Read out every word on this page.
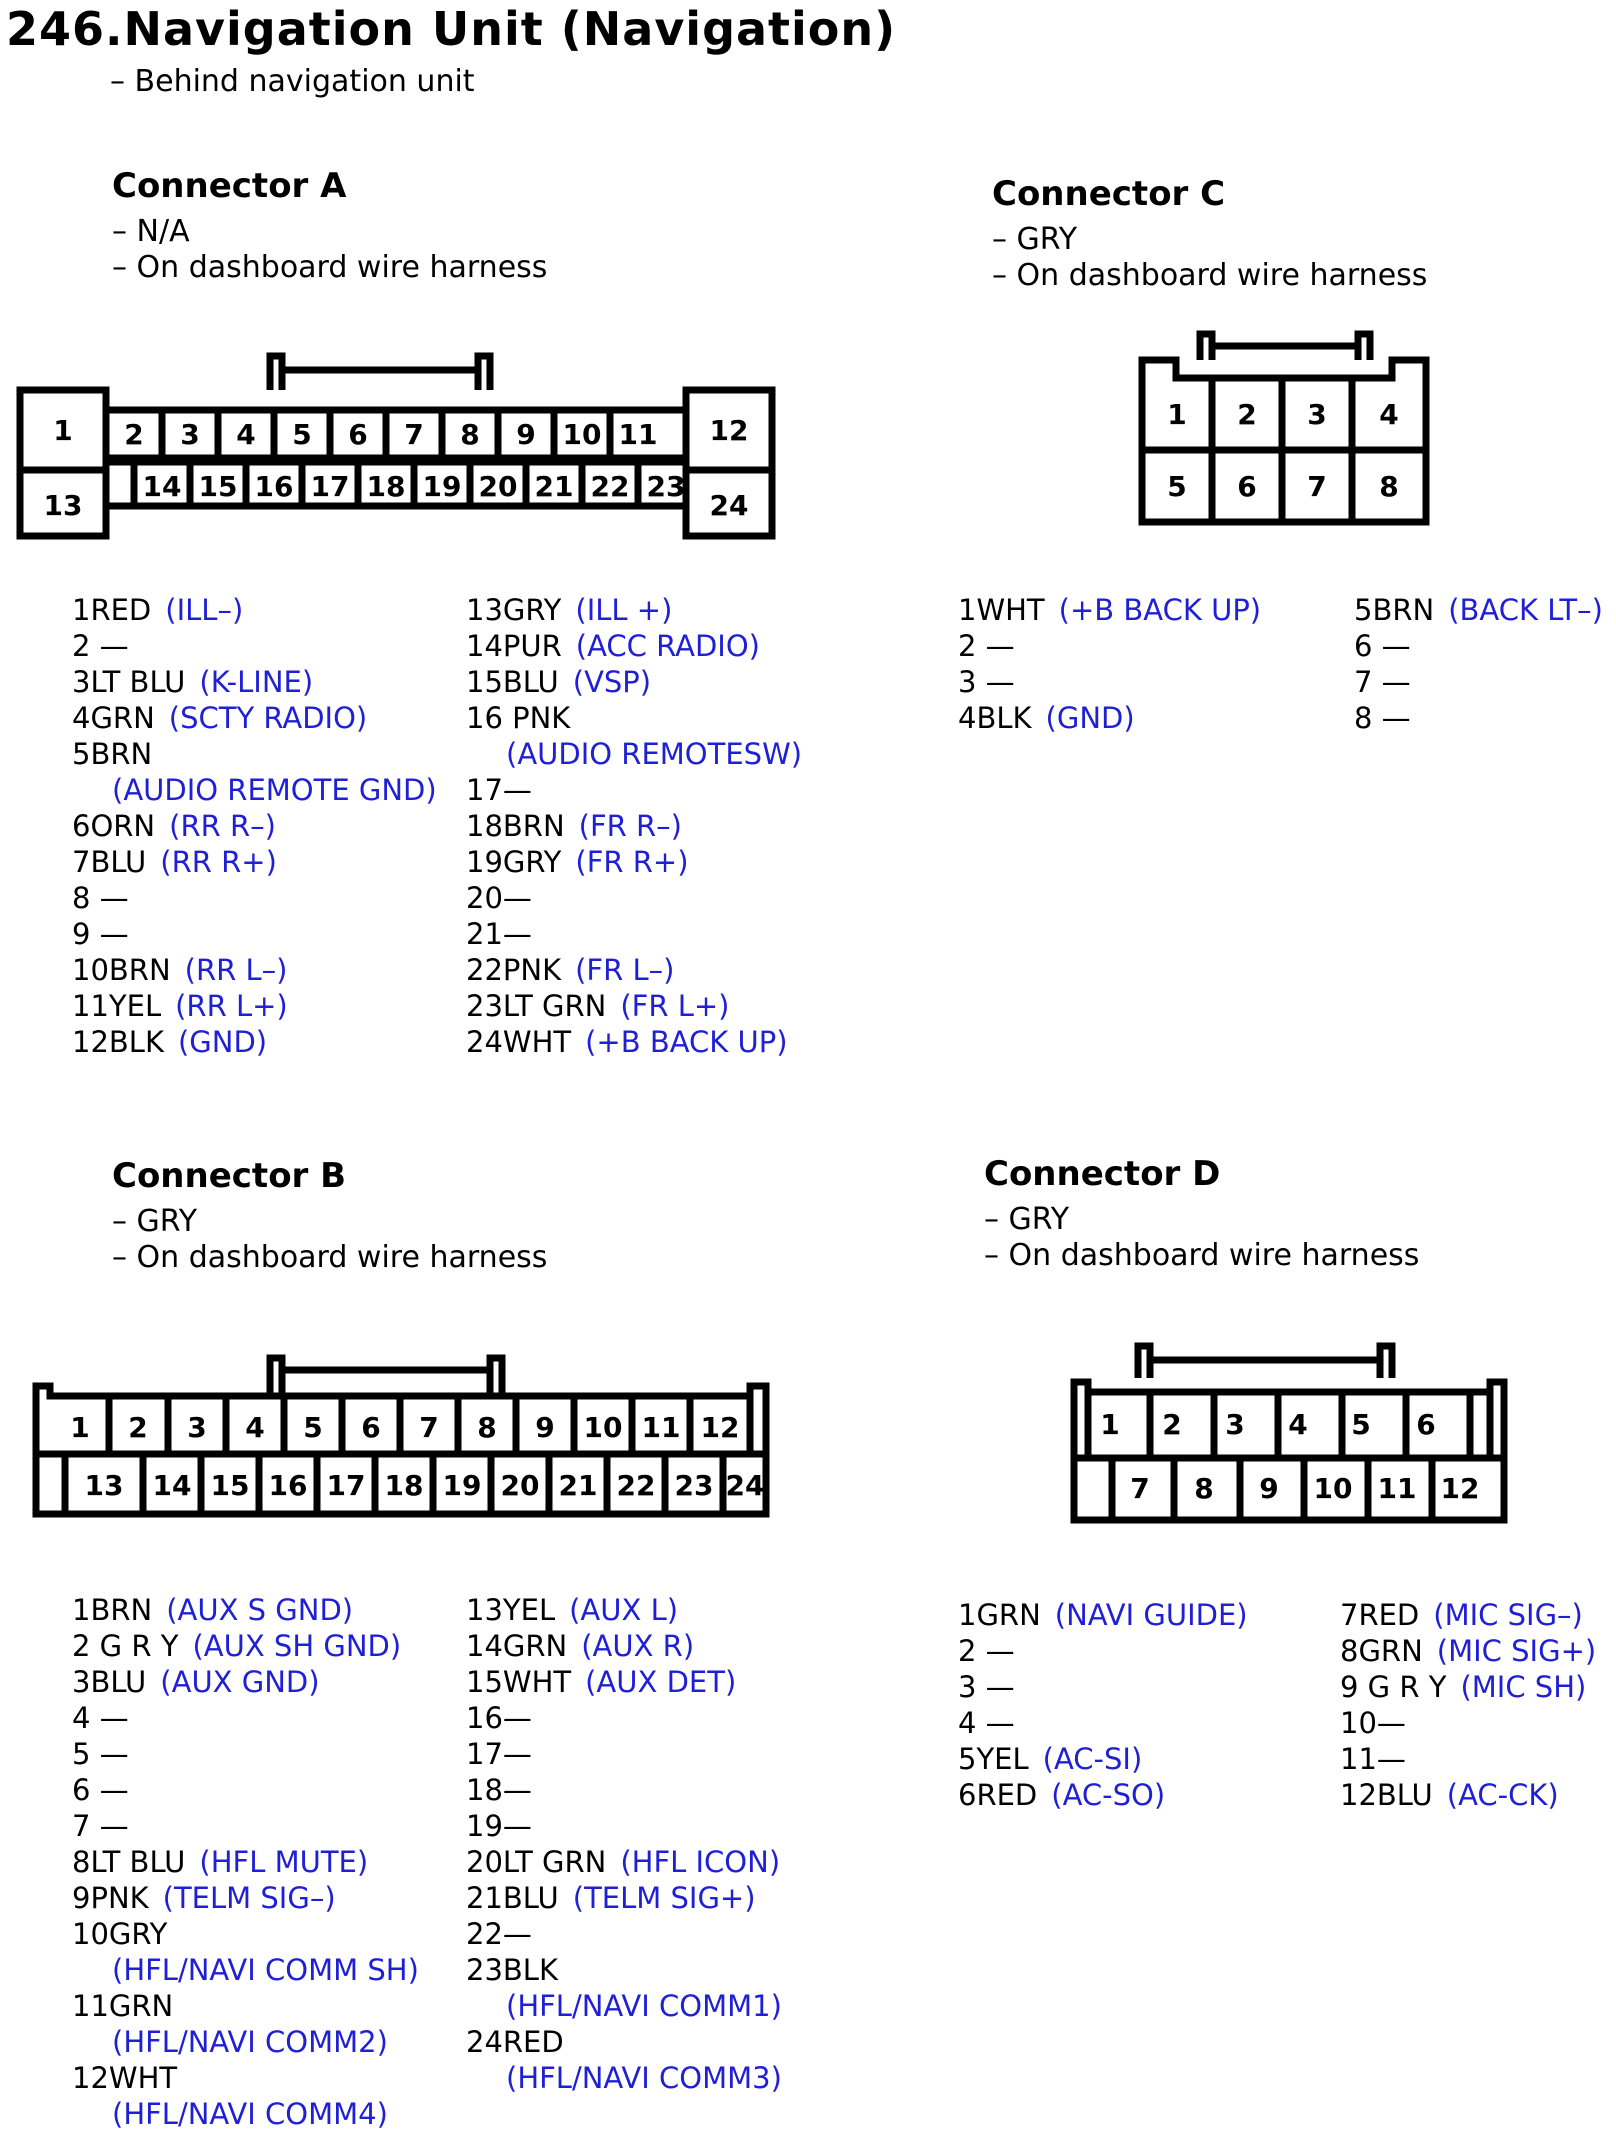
246.Navigation Unit (Navigation)
– Behind navigation unit
Connector A
– N/A
– On dashboard wire harness
Connector C
– GRY
– On dashboard wire harness
Connector B
– GRY
– On dashboard wire harness
Connector D
– GRY
– On dashboard wire harness
1
13
2 3 4 5 6 7 8 9 10 11 12
14 15 16 17 18 19 20 21 22 23
24
1 2 3 4
5 6 7 8
1 2 3 4 5 6 7 8 9 10 11 12
13 14 15 16 17 18 19 20 21 22 23 24
1 2 3 4 5 6
7 8 9 10 11 12
1RED (ILL–)
2 —
3LT BLU (K-LINE)
4GRN (SCTY RADIO)
5BRN
(AUDIO REMOTE GND)
6ORN (RR R–)
7BLU (RR R+)
8 —
9 —
10BRN (RR L–)
11YEL (RR L+)
12BLK (GND)
13GRY (ILL +)
14PUR (ACC RADIO)
15BLU (VSP)
16 PNK
(AUDIO REMOTESW)
17—
18BRN (FR R–)
19GRY (FR R+)
20—
21—
22PNK (FR L–)
23LT GRN (FR L+)
24WHT (+B BACK UP)
1WHT (+B BACK UP)
2 —
3 —
4BLK (GND)
5BRN (BACK LT–)
6 —
7 —
8 —
1BRN (AUX S GND)
2 G R Y (AUX SH GND)
3BLU (AUX GND)
4 —
5 —
6 —
7 —
8LT BLU (HFL MUTE)
9PNK (TELM SIG–)
10GRY
(HFL/NAVI COMM SH)
11GRN
(HFL/NAVI COMM2)
12WHT
(HFL/NAVI COMM4)
13YEL (AUX L)
14GRN (AUX R)
15WHT (AUX DET)
16—
17—
18—
19—
20LT GRN (HFL ICON)
21BLU (TELM SIG+)
22—
23BLK
(HFL/NAVI COMM1)
24RED
(HFL/NAVI COMM3)
1GRN (NAVI GUIDE)
2 —
3 —
4 —
5YEL (AC-SI)
6RED (AC-SO)
7RED (MIC SIG–)
8GRN (MIC SIG+)
9 G R Y (MIC SH)
10—
11—
12BLU (AC-CK)
